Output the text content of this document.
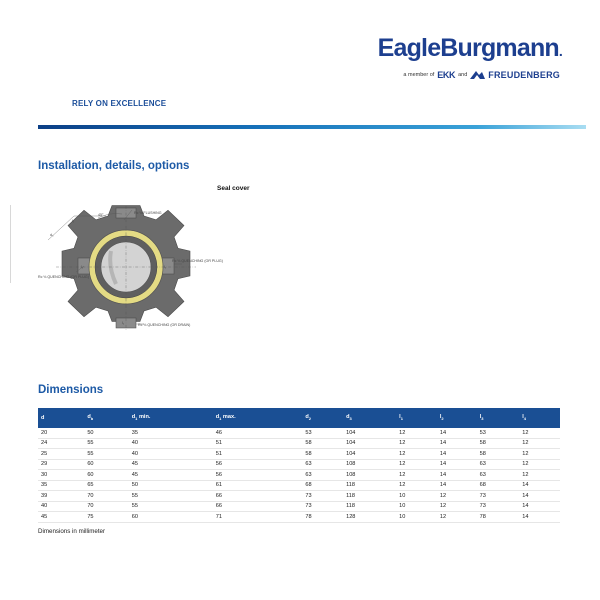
EagleBurgmann.
a member of EKK and FREUDENBERG
RELY ON EXCELLENCE
Installation, details, options
Seal cover
Rc ⅛ FLUSHING
Rc ⅛ QUENCHING (OR PLUG)
Rc ⅛ QUENCHING (OR PLUG)
Rc ⅛ QUENCHING (OR DRAIN)
45°
l₁
d₃
l₂	l₃
l₂
Dimensions
d	$d_b$	$d_1$ min.	$d_1$ max.	$d_2$	$d_3$	$l_1$	$l_2$	$l_3$	$l_4$
20	50	35	46	53	104	12	14	53	12
24	55	40	51	58	104	12	14	58	12
25	55	40	51	58	104	12	14	58	12
29	60	45	56	63	108	12	14	63	12
30	60	45	56	63	108	12	14	63	12
35	65	50	61	68	118	12	14	68	14
39	70	55	66	73	118	10	12	73	14
40	70	55	66	73	118	10	12	73	14
45	75	60	71	78	128	10	12	78	14
Dimensions in millimeter
